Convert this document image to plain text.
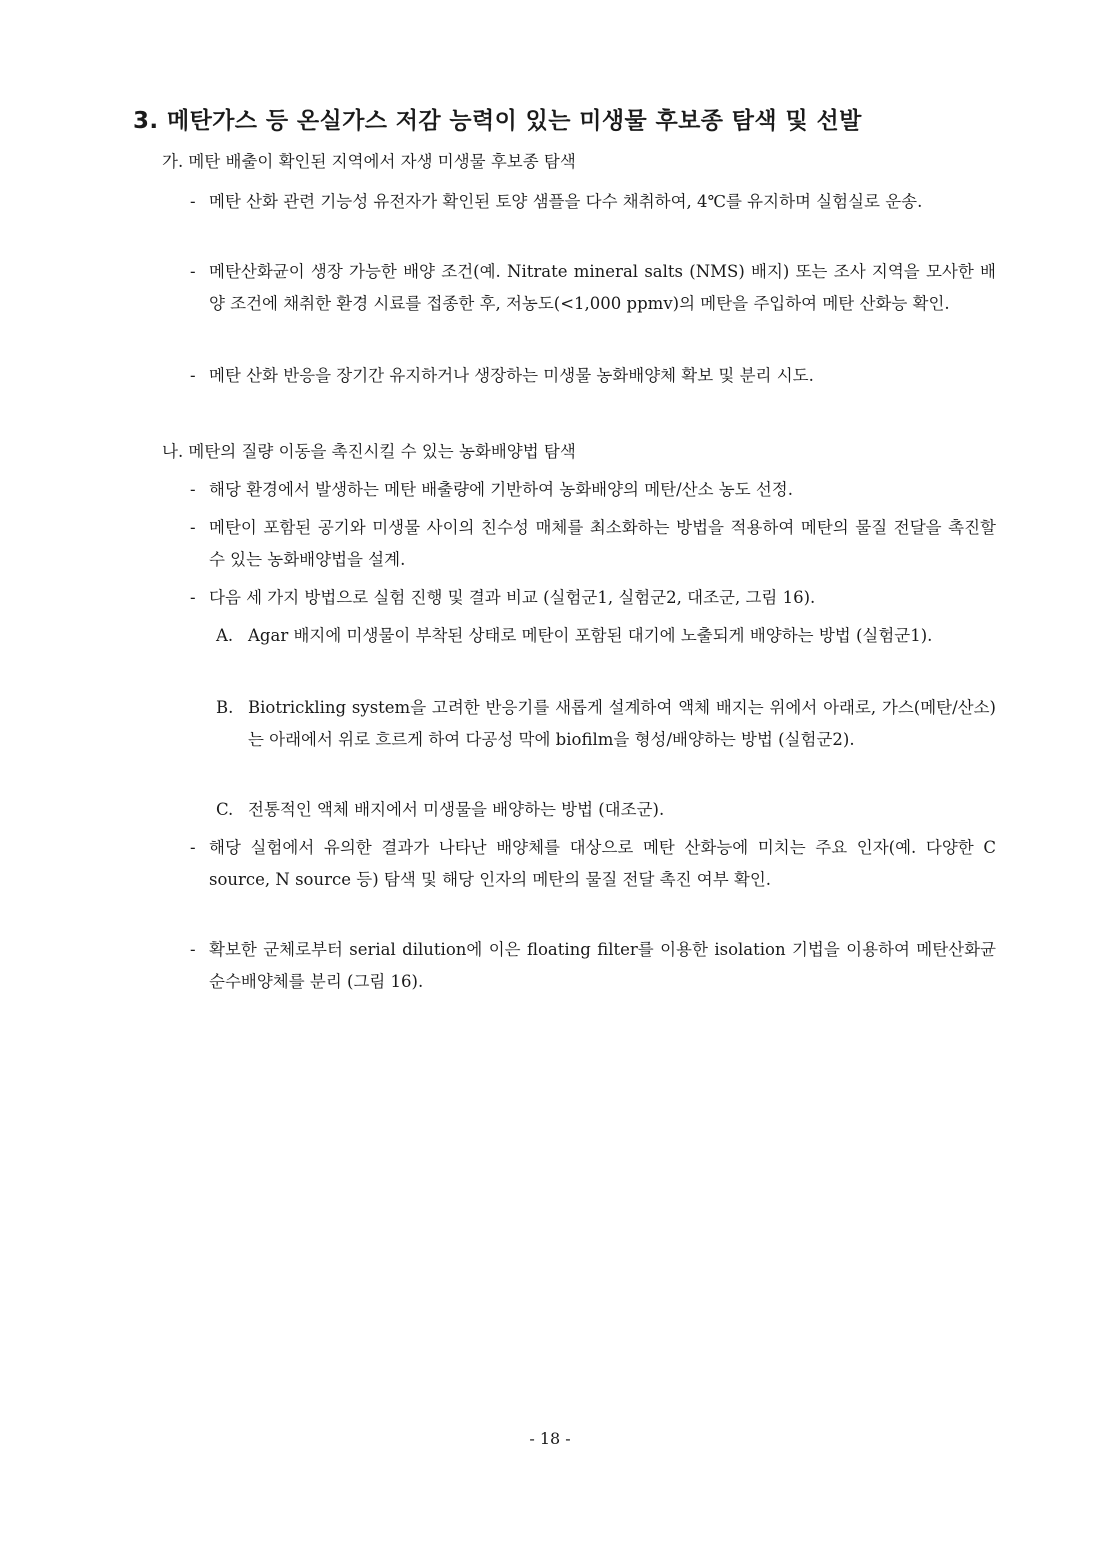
3. 메탄가스 등 온실가스 저감 능력이 있는 미생물 후보종 탐색 및 선발
가. 메탄 배출이 확인된 지역에서 자생 미생물 후보종 탐색
- 메탄 산화 관련 기능성 유전자가 확인된 토양 샘플을 다수 채취하여, 4℃를 유지하며 실험실로 운송.
- 메탄산화균이 생장 가능한 배양 조건(예. Nitrate mineral salts (NMS) 배지) 또는 조사 지역을 모사한 배양 조건에 채취한 환경 시료를 접종한 후, 저농도(<1,000 ppmv)의 메탄을 주입하여 메탄 산화능 확인.
- 메탄 산화 반응을 장기간 유지하거나 생장하는 미생물 농화배양체 확보 및 분리 시도.
나. 메탄의 질량 이동을 촉진시킬 수 있는 농화배양법 탐색
- 해당 환경에서 발생하는 메탄 배출량에 기반하여 농화배양의 메탄/산소 농도 선정.
- 메탄이 포함된 공기와 미생물 사이의 친수성 매체를 최소화하는 방법을 적용하여 메탄의 물질 전달을 촉진할 수 있는 농화배양법을 설계.
- 다음 세 가지 방법으로 실험 진행 및 결과 비교 (실험군1, 실험군2, 대조군, 그림 16).
A. Agar 배지에 미생물이 부착된 상태로 메탄이 포함된 대기에 노출되게 배양하는 방법 (실험군1).
B. Biotrickling system을 고려한 반응기를 새롭게 설계하여 액체 배지는 위에서 아래로, 가스(메탄/산소)는 아래에서 위로 흐르게 하여 다공성 막에 biofilm을 형성/배양하는 방법 (실험군2).
C. 전통적인 액체 배지에서 미생물을 배양하는 방법 (대조군).
- 해당 실험에서 유의한 결과가 나타난 배양체를 대상으로 메탄 산화능에 미치는 주요 인자(예. 다양한 C source, N source 등) 탐색 및 해당 인자의 메탄의 물질 전달 촉진 여부 확인.
- 확보한 군체로부터 serial dilution에 이은 floating filter를 이용한 isolation 기법을 이용하여 메탄산화균 순수배양체를 분리 (그림 16).
- 18 -
